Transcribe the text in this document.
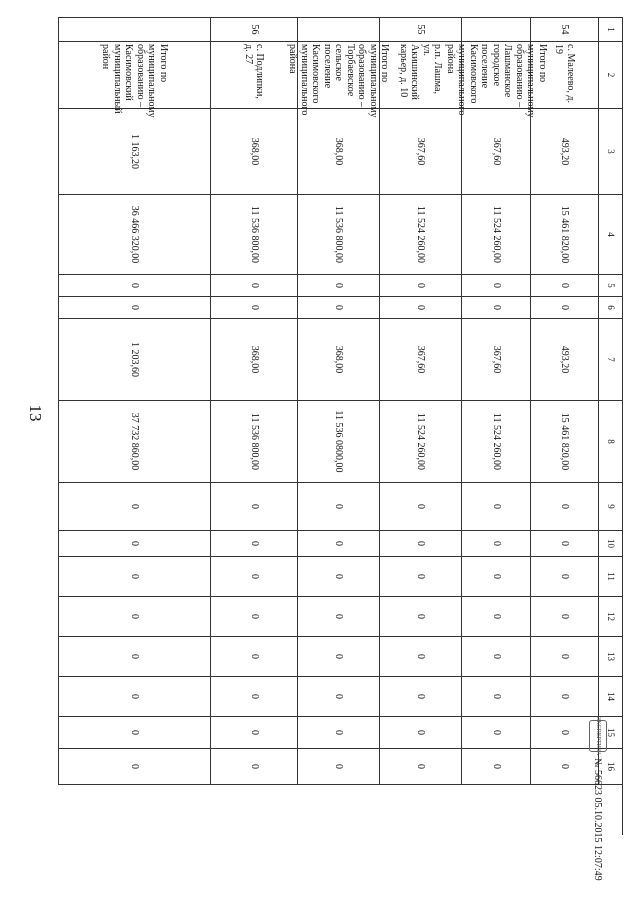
13
1
54
55
56
2
с. Малеево, д. 19
Итого по муниципальному образованию – Лашманское городское поселение Касимовского муниципального района
р.п. Лашма, ул. Акишинский карьер, д. 10
Итого по муниципальному образованию – Торбаевское сельское поселение Касимовского муниципального района
с. Подлипки, д. 27
Итого по муниципальному образованию – Касимовский муниципальный район
3
493,20
367,60
367,60
368,00
368,00
1 163,20
4
15 461 820,00
11 524 260,00
11 524 260,00
11 536 800,00
11 536 800,00
36 466 320,00
5
0
0
0
0
0
0
6
0
0
0
0
0
0
7
493,20
367,60
367,60
368,00
368,00
1 203,60
8
15 461 820,00
11 524 260,00
11 524 260,00
11 536 0800,00
11 536 800,00
37 732 860,00
9
0
0
0
0
0
0
10
0
0
0
0
0
0
11
0
0
0
0
0
0
12
0
0
0
0
0
0
13
0
0
0
0
0
0
14
0
0
0
0
0
0
15
0
0
0
0
0
0
16
0
0
0
0
0
0
ЭКСПЕРТИЗА
№ 56623 05.10.2015 12:07:49
